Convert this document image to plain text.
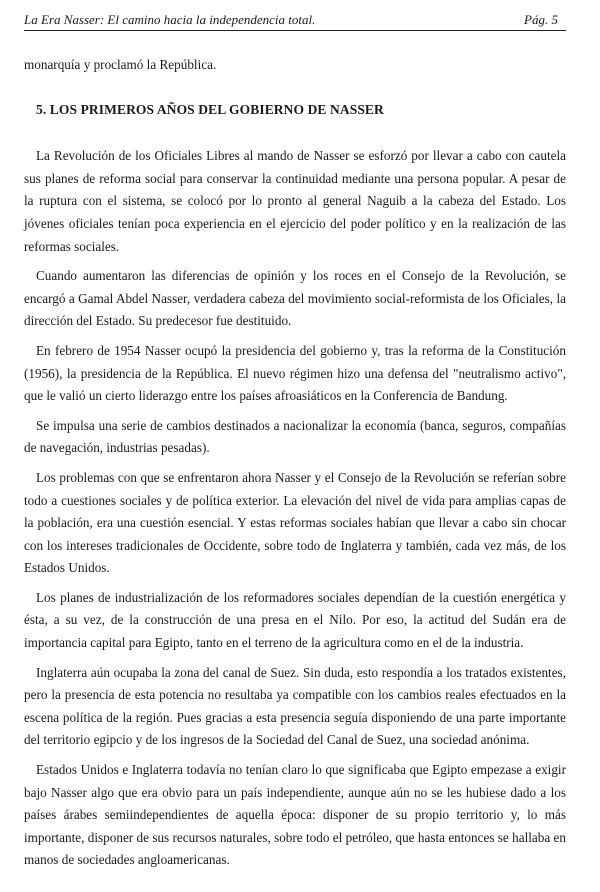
La Era Nasser: El camino hacia la independencia total.	Pág. 5

monarquía y proclamó la República.

5. LOS PRIMEROS AÑOS DEL GOBIERNO DE NASSER

La Revolución de los Oficiales Libres al mando de Nasser se esforzó por llevar a cabo con cautela sus planes de reforma social para conservar la continuidad mediante una persona popular. A pesar de la ruptura con el sistema, se colocó por lo pronto al general Naguib a la cabeza del Estado. Los jóvenes oficiales tenían poca experiencia en el ejercicio del poder político y en la realización de las reformas sociales.

Cuando aumentaron las diferencias de opinión y los roces en el Consejo de la Revolución, se encargó a Gamal Abdel Nasser, verdadera cabeza del movimiento social-reformista de los Oficiales, la dirección del Estado. Su predecesor fue destituido.

En febrero de 1954 Nasser ocupó la presidencia del gobierno y, tras la reforma de la Constitución (1956), la presidencia de la República. El nuevo régimen hizo una defensa del "neutralismo activo", que le valió un cierto liderazgo entre los países afroasiáticos en la Conferencia de Bandung.

Se impulsa una serie de cambios destinados a nacionalizar la economía (banca, seguros, compañías de navegación, industrias pesadas).

Los problemas con que se enfrentaron ahora Nasser y el Consejo de la Revolución se referían sobre todo a cuestiones sociales y de política exterior. La elevación del nivel de vida para amplias capas de la población, era una cuestión esencial. Y estas reformas sociales habían que llevar a cabo sin chocar con los intereses tradicionales de Occidente, sobre todo de Inglaterra y también, cada vez más, de los Estados Unidos.

Los planes de industrialización de los reformadores sociales dependían de la cuestión energética y ésta, a su vez, de la construcción de una presa en el Nilo. Por eso, la actitud del Sudán era de importancia capital para Egipto, tanto en el terreno de la agricultura como en el de la industria.

Inglaterra aún ocupaba la zona del canal de Suez. Sin duda, esto respondía a los tratados existentes, pero la presencia de esta potencia no resultaba ya compatible con los cambios reales efectuados en la escena política de la región. Pues gracias a esta presencia seguía disponiendo de una parte importante del territorio egipcio y de los ingresos de la Sociedad del Canal de Suez, una sociedad anónima.

Estados Unidos e Inglaterra todavía no tenían claro lo que significaba que Egipto empezase a exigir bajo Nasser algo que era obvio para un país independiente, aunque aún no se les hubiese dado a los países árabes semiindependientes de aquella época: disponer de su propio territorio y, lo más importante, disponer de sus recursos naturales, sobre todo el petróleo, que hasta entonces se hallaba en manos de sociedades angloamericanas.
